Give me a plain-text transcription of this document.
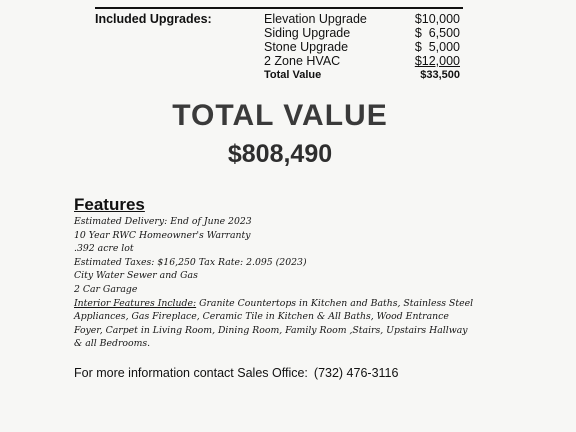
Included Upgrades:	Elevation Upgrade	$10,000
Siding Upgrade	$  6,500
Stone Upgrade	$  5,000
2 Zone HVAC	$12,000
Total Value	$33,500
TOTAL VALUE
$808,490
Features

Estimated Delivery: End of June 2023

10 Year RWC Homeowner's Warranty

.392 acre lot

Estimated Taxes: $16,250 Tax Rate: 2.095 (2023)

City Water Sewer and Gas

2 Car Garage

Interior Features Include: Granite Countertops in Kitchen and Baths, Stainless Steel Appliances, Gas Fireplace, Ceramic Tile in Kitchen & All Baths, Wood Entrance Foyer, Carpet in Living Room, Dining Room, Family Room ,Stairs, Upstairs Hallway & all Bedrooms.

For more information contact Sales Office: (732) 476-3116
